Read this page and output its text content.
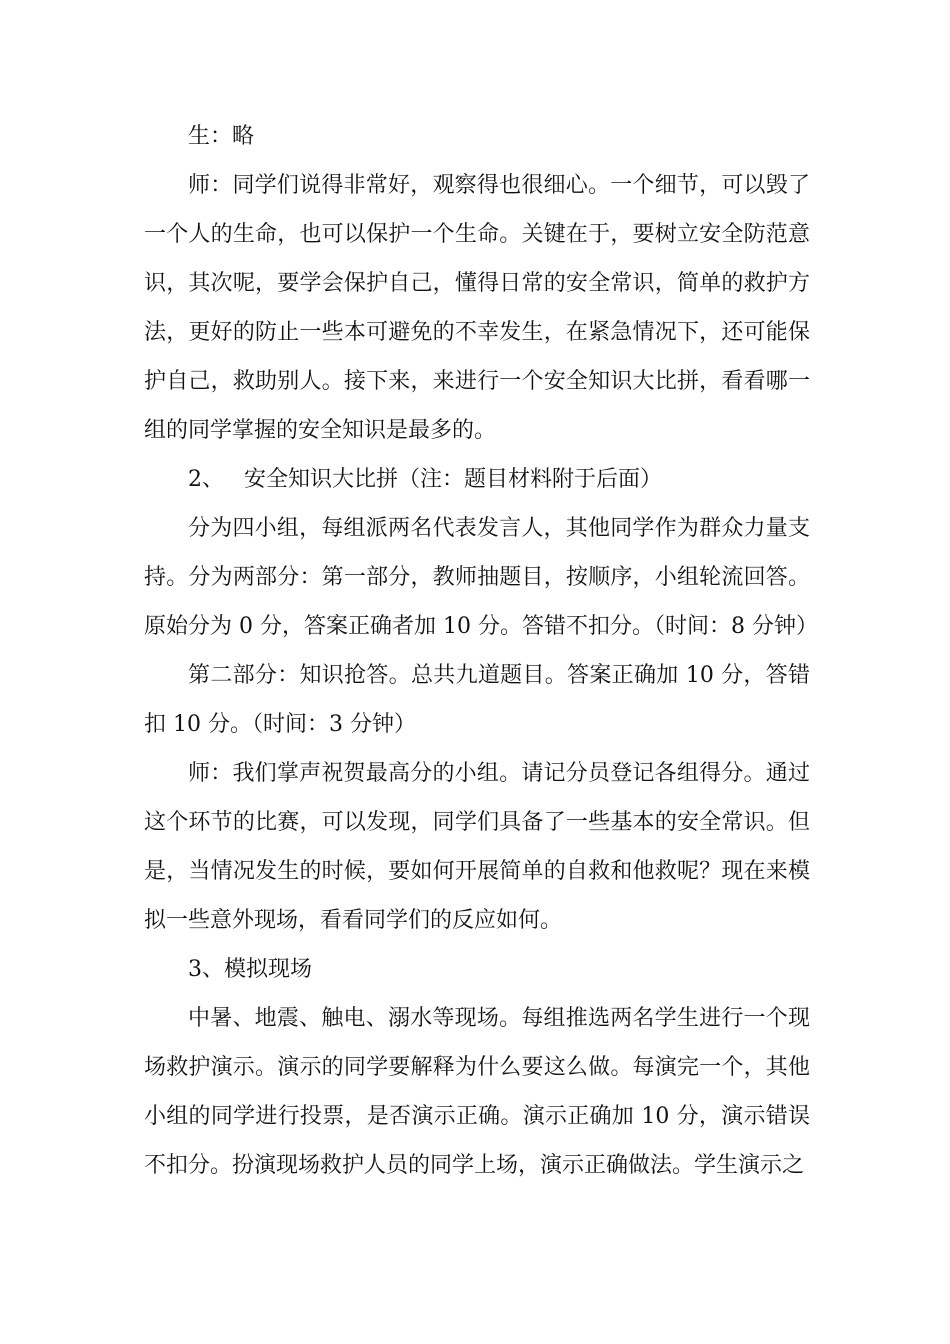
生：略

师：同学们说得非常好，观察得也很细心。一个细节，可以毁了一个人的生命，也可以保护一个生命。关键在于，要树立安全防范意识，其次呢，要学会保护自己，懂得日常的安全常识，简单的救护方法，更好的防止一些本可避免的不幸发生，在紧急情况下，还可能保护自己，救助别人。接下来，来进行一个安全知识大比拼，看看哪一组的同学掌握的安全知识是最多的。

2、 安全知识大比拼（注：题目材料附于后面）

分为四小组，每组派两名代表发言人，其他同学作为群众力量支持。分为两部分：第一部分，教师抽题目，按顺序，小组轮流回答。原始分为 0 分，答案正确者加 10 分。答错不扣分。（时间：8 分钟）

第二部分：知识抢答。总共九道题目。答案正确加 10 分，答错扣 10 分。（时间：3 分钟）

师：我们掌声祝贺最高分的小组。请记分员登记各组得分。通过这个环节的比赛，可以发现，同学们具备了一些基本的安全常识。但是，当情况发生的时候，要如何开展简单的自救和他救呢？现在来模拟一些意外现场，看看同学们的反应如何。

3、模拟现场

中暑、地震、触电、溺水等现场。每组推选两名学生进行一个现场救护演示。演示的同学要解释为什么要这么做。每演完一个，其他小组的同学进行投票，是否演示正确。演示正确加 10 分，演示错误不扣分。扮演现场救护人员的同学上场，演示正确做法。学生演示之
